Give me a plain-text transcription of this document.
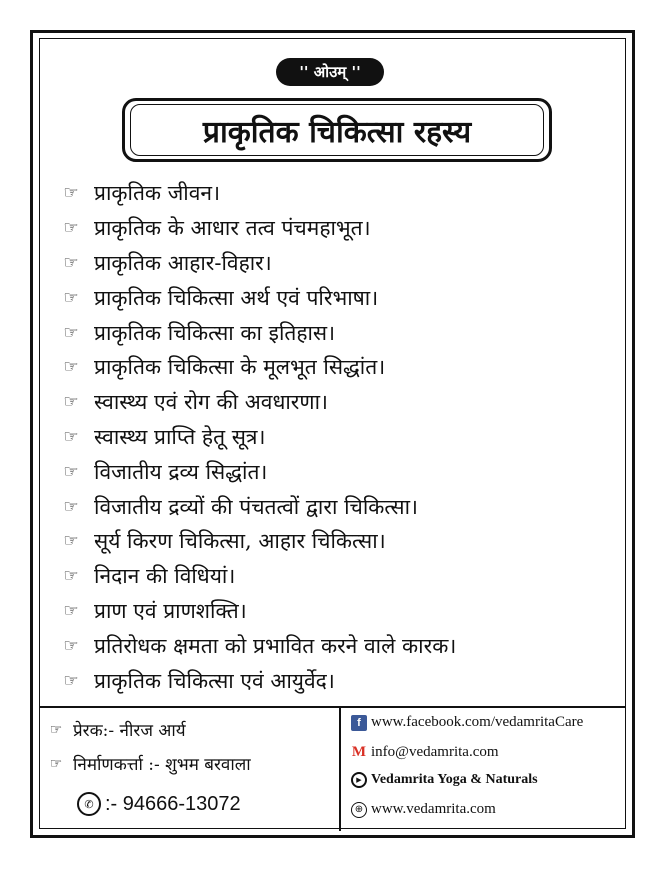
'' ओउम् ''
प्राकृतिक चिकित्सा रहस्य
☞ प्राकृतिक जीवन।
☞ प्राकृतिक के आधार तत्व पंचमहाभूत।
☞ प्राकृतिक आहार-विहार।
☞ प्राकृतिक चिकित्सा अर्थ एवं परिभाषा।
☞ प्राकृतिक चिकित्सा का इतिहास।
☞ प्राकृतिक चिकित्सा के मूलभूत सिद्धांत।
☞ स्वास्थ्य एवं रोग की अवधारणा।
☞ स्वास्थ्य प्राप्ति हेतू सूत्र।
☞ विजातीय द्रव्य सिद्धांत।
☞ विजातीय द्रव्यों की पंचतत्वों द्वारा चिकित्सा।
☞ सूर्य किरण चिकित्सा, आहार चिकित्सा।
☞ निदान की विधियां।
☞ प्राण एवं प्राणशक्ति।
☞ प्रतिरोधक क्षमता को प्रभावित करने वाले कारक।
☞ प्राकृतिक चिकित्सा एवं आयुर्वेद।
☞ प्रेरक:- नीरज आर्य
☞ निर्माणकर्त्ता :- शुभम बरवाला
✆ :- 94666-13072
f www.facebook.com/vedamritaCare
M info@vedamrita.com
▶ Vedamrita Yoga & Naturals
⊕ www.vedamrita.com
